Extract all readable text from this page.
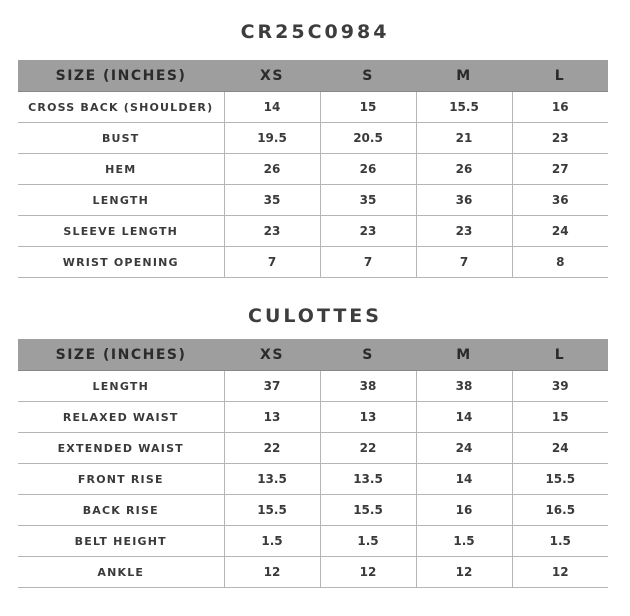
CR25C0984
SIZE (INCHES)	XS	S	M	L
CROSS BACK (SHOULDER)	14	15	15.5	16
BUST	19.5	20.5	21	23
HEM	26	26	26	27
LENGTH	35	35	36	36
SLEEVE LENGTH	23	23	23	24
WRIST OPENING	7	7	7	8
CULOTTES
SIZE (INCHES)	XS	S	M	L
LENGTH	37	38	38	39
RELAXED WAIST	13	13	14	15
EXTENDED WAIST	22	22	24	24
FRONT RISE	13.5	13.5	14	15.5
BACK RISE	15.5	15.5	16	16.5
BELT HEIGHT	1.5	1.5	1.5	1.5
ANKLE	12	12	12	12
